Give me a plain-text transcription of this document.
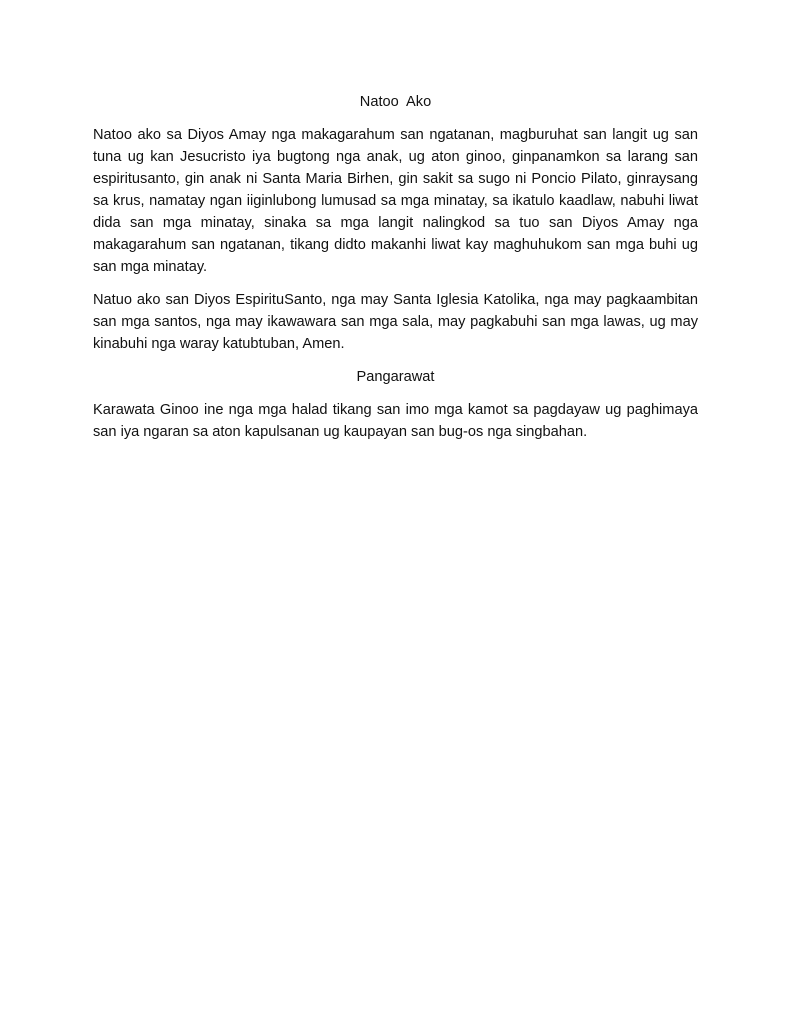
Natoo  Ako

Natoo ako sa Diyos Amay nga makagarahum san ngatanan, magburuhat san langit ug san tuna ug kan Jesucristo iya bugtong nga anak, ug aton ginoo, ginpanamkon sa larang san espiritusanto, gin anak ni Santa Maria Birhen, gin sakit sa sugo ni Poncio Pilato, ginraysang sa krus, namatay ngan iiginlubong lumusad sa mga minatay, sa ikatulo kaadlaw, nabuhi liwat dida san mga minatay, sinaka sa mga langit nalingkod sa tuo san Diyos Amay nga makagarahum san ngatanan, tikang didto makanhi liwat kay maghuhukom san mga buhi ug san mga minatay.

Natuo ako san Diyos EspirituSanto, nga may Santa Iglesia Katolika, nga may pagkaambitan san mga santos, nga may ikawawara san mga sala, may pagkabuhi san mga lawas, ug may kinabuhi nga waray katubtuban, Amen.

Pangarawat

Karawata Ginoo ine nga mga halad tikang san imo mga kamot sa pagdayaw ug paghimaya san iya ngaran sa aton kapulsanan ug kaupayan san bug-os nga singbahan.
